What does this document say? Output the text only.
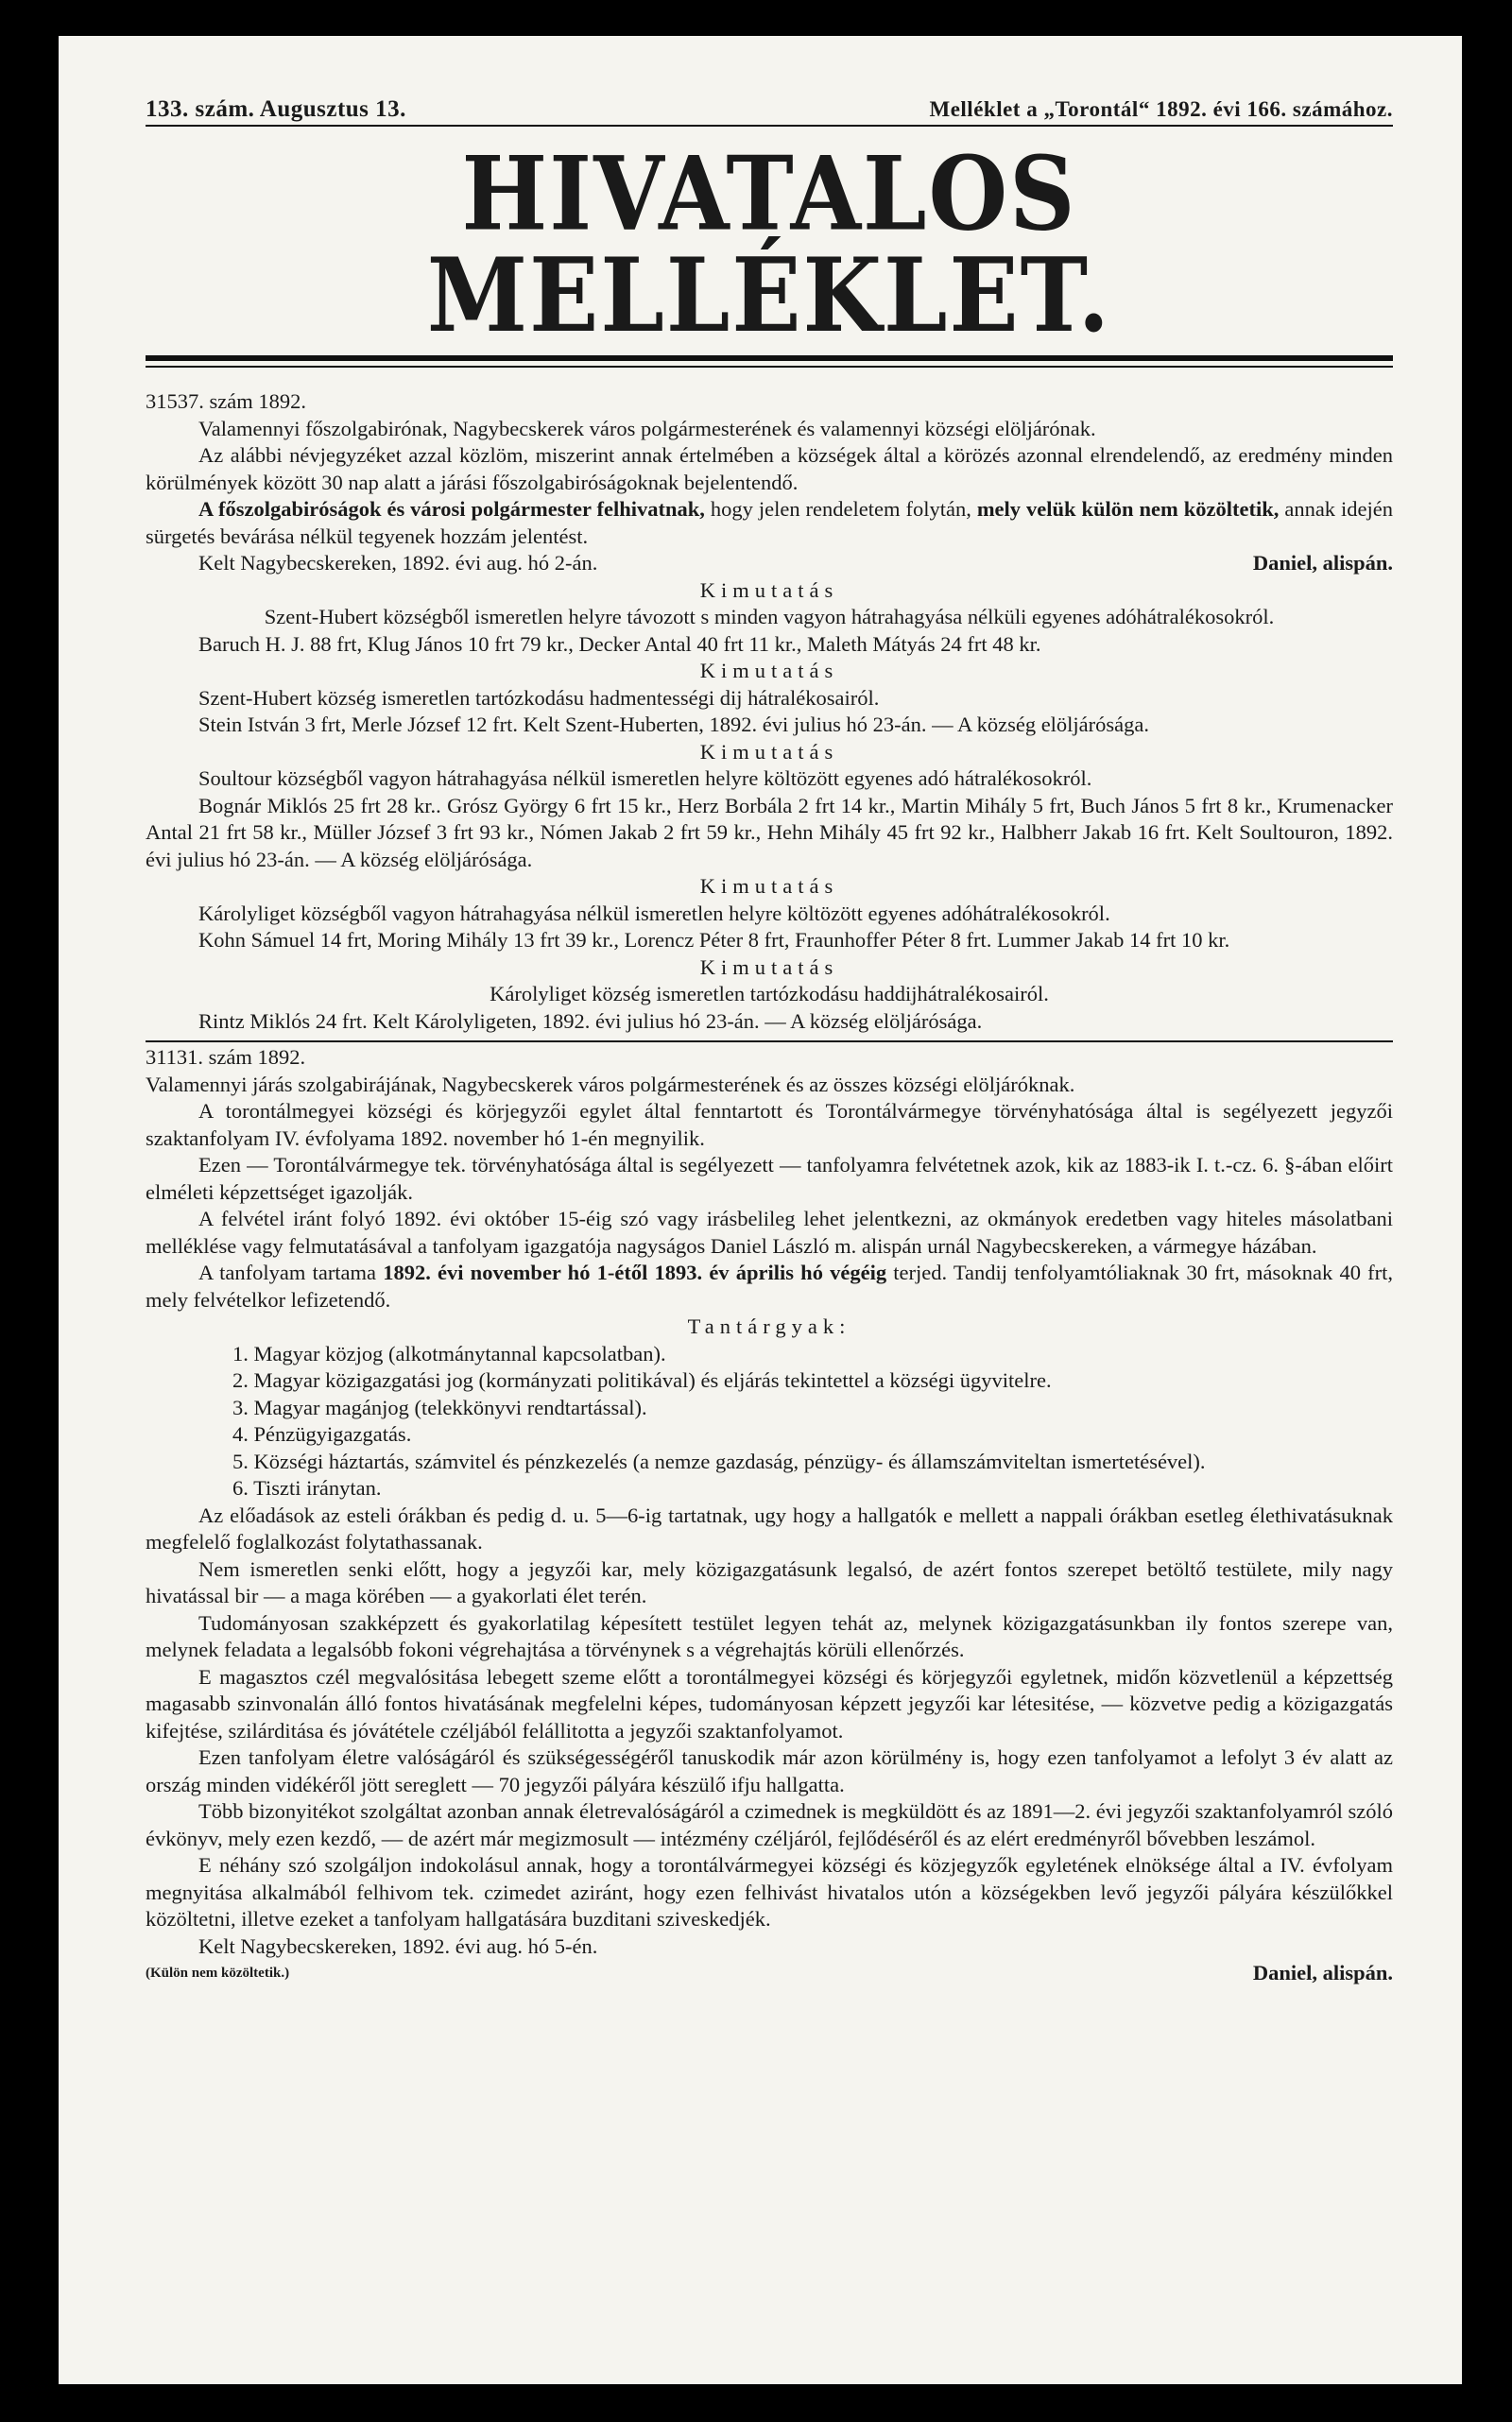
133. szám. Augusztus 13.	Melléklet a „Torontál“ 1892. évi 166. számához.
HIVATALOS MELLÉKLET.

31537. szám 1892.

Valamennyi főszolgabirónak, Nagybecskerek város polgármesterének és valamennyi községi elöljárónak.

Az alábbi névjegyzéket azzal közlöm, miszerint annak értelmében a községek által a körözés azonnal elrendelendő, az eredmény minden körülmények között 30 nap alatt a járási főszolgabiróságoknak bejelentendő.

A főszolgabiróságok és városi polgármester felhivatnak, hogy jelen rendeletem folytán, mely velük külön nem közöltetik, annak idején sürgetés bevárása nélkül tegyenek hozzám jelentést.

Kelt Nagybecskereken, 1892. évi aug. hó 2-án.	Daniel, alispán.

Kimutatás

Szent-Hubert községből ismeretlen helyre távozott s minden vagyon hátrahagyása nélküli egyenes adóhátralékosokról.

Baruch H. J. 88 frt, Klug János 10 frt 79 kr., Decker Antal 40 frt 11 kr., Maleth Mátyás 24 frt 48 kr.

Kimutatás

Szent-Hubert község ismeretlen tartózkodásu hadmentességi dij hátralékosairól.

Stein István 3 frt, Merle József 12 frt. Kelt Szent-Huberten, 1892. évi julius hó 23-án. — A község elöljárósága.

Kimutatás

Soultour községből vagyon hátrahagyása nélkül ismeretlen helyre költözött egyenes adó hátralékosokról.

Bognár Miklós 25 frt 28 kr.. Grósz György 6 frt 15 kr., Herz Borbála 2 frt 14 kr., Martin Mihály 5 frt, Buch János 5 frt 8 kr., Krumenacker Antal 21 frt 58 kr., Müller József 3 frt 93 kr., Nómen Jakab 2 frt 59 kr., Hehn Mihály 45 frt 92 kr., Halbherr Jakab 16 frt. Kelt Soultouron, 1892. évi julius hó 23-án. — A község elöljárósága.

Kimutatás

Károlyliget községből vagyon hátrahagyása nélkül ismeretlen helyre költözött egyenes adóhátralékosokról.

Kohn Sámuel 14 frt, Moring Mihály 13 frt 39 kr., Lorencz Péter 8 frt, Fraunhoffer Péter 8 frt. Lummer Jakab 14 frt 10 kr.

Kimutatás

Károlyliget község ismeretlen tartózkodásu haddijhátralékosairól.

Rintz Miklós 24 frt. Kelt Károlyligeten, 1892. évi julius hó 23-án. — A község elöljárósága.

31131. szám 1892.

Valamennyi járás szolgabirájának, Nagybecskerek város polgármesterének és az összes községi elöljáróknak.

A torontálmegyei községi és körjegyzői egylet által fenntartott és Torontálvármegye törvényhatósága által is segélyezett jegyzői szaktanfolyam IV. évfolyama 1892. november hó 1-én megnyilik.

Ezen — Torontálvármegye tek. törvényhatósága által is segélyezett — tanfolyamra felvétetnek azok, kik az 1883-ik I. t.-cz. 6. §-ában előirt elméleti képzettséget igazolják.

A felvétel iránt folyó 1892. évi október 15-éig szó vagy irásbelileg lehet jelentkezni, az okmányok eredetben vagy hiteles másolatbani melléklése vagy felmutatásával a tanfolyam igazgatója nagyságos Daniel László m. alispán urnál Nagybecskereken, a vármegye házában.

A tanfolyam tartama 1892. évi november hó 1-étől 1893. év április hó végéig terjed. Tandij tenfolyamtóliaknak 30 frt, másoknak 40 frt, mely felvételkor lefizetendő.

Tantárgyak:

1. Magyar közjog (alkotmánytannal kapcsolatban).

2. Magyar közigazgatási jog (kormányzati politikával) és eljárás tekintettel a községi ügyvitelre.

3. Magyar magánjog (telekkönyvi rendtartással).

4. Pénzügyigazgatás.

5. Községi háztartás, számvitel és pénzkezelés (a nemze gazdaság, pénzügy- és államszámviteltan ismertetésével).

6. Tiszti iránytan.

Az előadások az esteli órákban és pedig d. u. 5—6-ig tartatnak, ugy hogy a hallgatók e mellett a nappali órákban esetleg élethivatásuknak megfelelő foglalkozást folytathassanak.

Nem ismeretlen senki előtt, hogy a jegyzői kar, mely közigazgatásunk legalsó, de azért fontos szerepet betöltő testülete, mily nagy hivatással bir — a maga körében — a gyakorlati élet terén.

Tudományosan szakképzett és gyakorlatilag képesített testület legyen tehát az, melynek közigazgatásunkban ily fontos szerepe van, melynek feladata a legalsóbb fokoni végrehajtása a törvénynek s a végrehajtás körüli ellenőrzés.

E magasztos czél megvalósitása lebegett szeme előtt a torontálmegyei községi és körjegyzői egyletnek, midőn közvetlenül a képzettség magasabb szinvonalán álló fontos hivatásának megfelelni képes, tudományosan képzett jegyzői kar létesitése, — közvetve pedig a közigazgatás kifejtése, szilárditása és jóvátétele czéljából felállitotta a jegyzői szaktanfolyamot.

Ezen tanfolyam életre valóságáról és szükségességéről tanuskodik már azon körülmény is, hogy ezen tanfolyamot a lefolyt 3 év alatt az ország minden vidékéről jött sereglett — 70 jegyzői pályára készülő ifju hallgatta.

Több bizonyitékot szolgáltat azonban annak életrevalóságáról a czimednek is megküldött és az 1891—2. évi jegyzői szaktanfolyamról szóló évkönyv, mely ezen kezdő, — de azért már megizmosult — intézmény czéljáról, fejlődéséről és az elért eredményről bővebben leszámol.

E néhány szó szolgáljon indokolásul annak, hogy a torontálvármegyei községi és közjegyzők egyletének elnöksége által a IV. évfolyam megnyitása alkalmából felhivom tek. czimedet aziránt, hogy ezen felhivást hivatalos utón a községekben levő jegyzői pályára készülőkkel közöltetni, illetve ezeket a tanfolyam hallgatására buzditani sziveskedjék.

Kelt Nagybecskereken, 1892. évi aug. hó 5-én.

(Külön nem közöltetik.)	Daniel, alispán.
